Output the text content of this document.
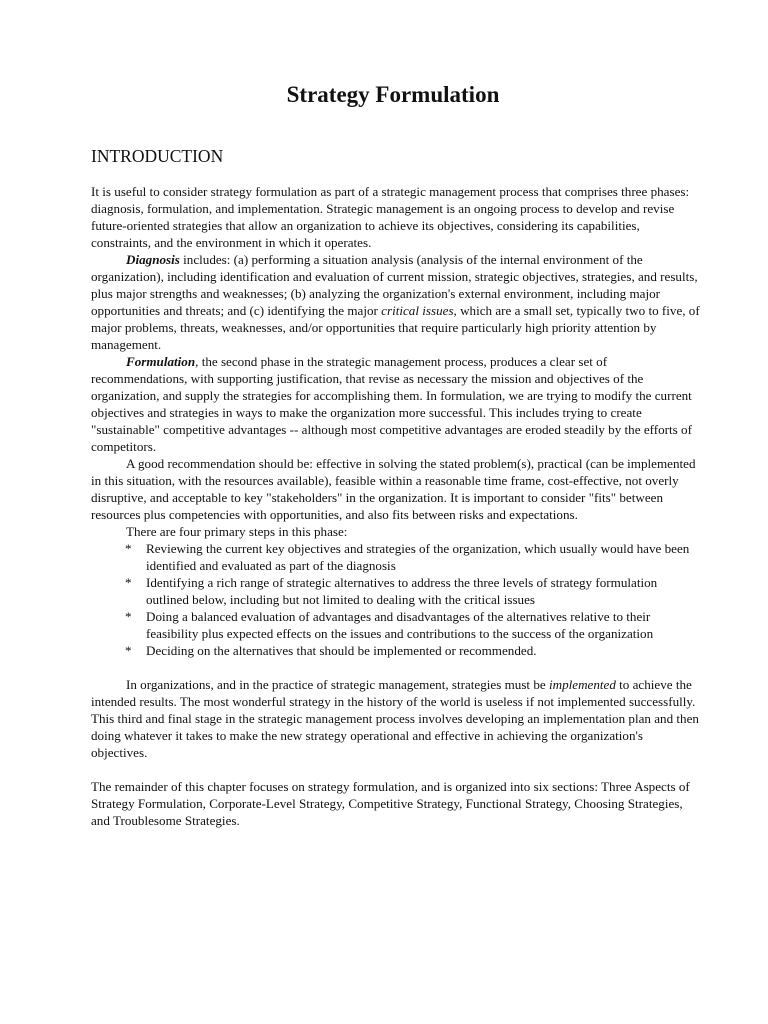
Strategy Formulation
INTRODUCTION

It is useful to consider strategy formulation as part of a strategic management process that comprises three phases: diagnosis, formulation, and implementation. Strategic management is an ongoing process to develop and revise future-oriented strategies that allow an organization to achieve its objectives, considering its capabilities, constraints, and the environment in which it operates.

Diagnosis includes: (a) performing a situation analysis (analysis of the internal environment of the organization), including identification and evaluation of current mission, strategic objectives, strategies, and results, plus major strengths and weaknesses; (b) analyzing the organization's external environment, including major opportunities and threats; and (c) identifying the major critical issues, which are a small set, typically two to five, of major problems, threats, weaknesses, and/or opportunities that require particularly high priority attention by management.

Formulation, the second phase in the strategic management process, produces a clear set of recommendations, with supporting justification, that revise as necessary the mission and objectives of the organization, and supply the strategies for accomplishing them. In formulation, we are trying to modify the current objectives and strategies in ways to make the organization more successful. This includes trying to create "sustainable" competitive advantages -- although most competitive advantages are eroded steadily by the efforts of competitors.

A good recommendation should be: effective in solving the stated problem(s), practical (can be implemented in this situation, with the resources available), feasible within a reasonable time frame, cost-effective, not overly disruptive, and acceptable to key "stakeholders" in the organization. It is important to consider "fits" between resources plus competencies with opportunities, and also fits between risks and expectations.

There are four primary steps in this phase:

* Reviewing the current key objectives and strategies of the organization, which usually would have been identified and evaluated as part of the diagnosis
* Identifying a rich range of strategic alternatives to address the three levels of strategy formulation outlined below, including but not limited to dealing with the critical issues
* Doing a balanced evaluation of advantages and disadvantages of the alternatives relative to their feasibility plus expected effects on the issues and contributions to the success of the organization
* Deciding on the alternatives that should be implemented or recommended.

In organizations, and in the practice of strategic management, strategies must be implemented to achieve the intended results. The most wonderful strategy in the history of the world is useless if not implemented successfully. This third and final stage in the strategic management process involves developing an implementation plan and then doing whatever it takes to make the new strategy operational and effective in achieving the organization's objectives.

The remainder of this chapter focuses on strategy formulation, and is organized into six sections: Three Aspects of Strategy Formulation, Corporate-Level Strategy, Competitive Strategy, Functional Strategy, Choosing Strategies, and Troublesome Strategies.
